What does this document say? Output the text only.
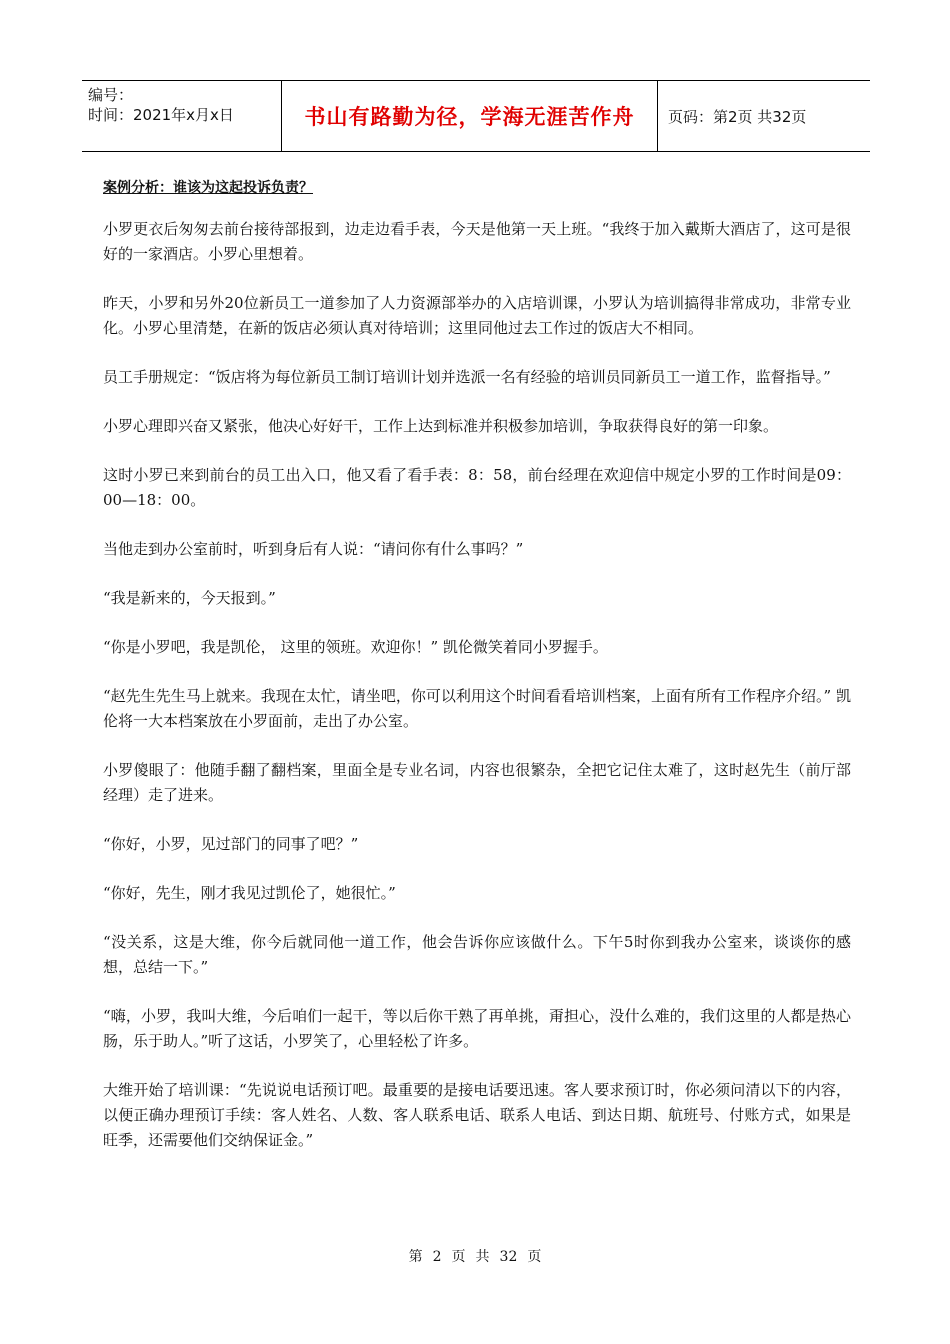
编号：
时间：2021年x月x日	书山有路勤为径，学海无涯苦作舟	页码：第2页 共32页
案例分析：谁该为这起投诉负责？

小罗更衣后匆匆去前台接待部报到，边走边看手表，今天是他第一天上班。“我终于加入戴斯大酒店了，这可是很好的一家酒店。小罗心里想着。

昨天，小罗和另外20位新员工一道参加了人力资源部举办的入店培训课，小罗认为培训搞得非常成功，非常专业化。小罗心里清楚，在新的饭店必须认真对待培训；这里同他过去工作过的饭店大不相同。

员工手册规定：“饭店将为每位新员工制订培训计划并选派一名有经验的培训员同新员工一道工作，监督指导。”

小罗心理即兴奋又紧张，他决心好好干，工作上达到标准并积极参加培训，争取获得良好的第一印象。

这时小罗已来到前台的员工出入口，他又看了看手表：8：58，前台经理在欢迎信中规定小罗的工作时间是09：00—18：00。

当他走到办公室前时，听到身后有人说：“请问你有什么事吗？”

“我是新来的，今天报到。”

“你是小罗吧，我是凯伦， 这里的领班。欢迎你！” 凯伦微笑着同小罗握手。

“赵先生先生马上就来。我现在太忙，请坐吧，你可以利用这个时间看看培训档案，上面有所有工作程序介绍。” 凯伦将一大本档案放在小罗面前，走出了办公室。

小罗傻眼了：他随手翻了翻档案，里面全是专业名词，内容也很繁杂，全把它记住太难了，这时赵先生（前厅部经理）走了进来。

“你好，小罗，见过部门的同事了吧？”

“你好，先生，刚才我见过凯伦了，她很忙。”

“没关系，这是大维，你今后就同他一道工作，他会告诉你应该做什么。下午5时你到我办公室来，谈谈你的感想，总结一下。”

“嗨，小罗，我叫大维，今后咱们一起干，等以后你干熟了再单挑，甭担心，没什么难的，我们这里的人都是热心肠，乐于助人。”听了这话，小罗笑了，心里轻松了许多。

大维开始了培训课：“先说说电话预订吧。最重要的是接电话要迅速。客人要求预订时，你必须问清以下的内容，以便正确办理预订手续：客人姓名、人数、客人联系电话、联系人电话、到达日期、航班号、付账方式，如果是旺季，还需要他们交纳保证金。”

第 2 页 共 32 页
